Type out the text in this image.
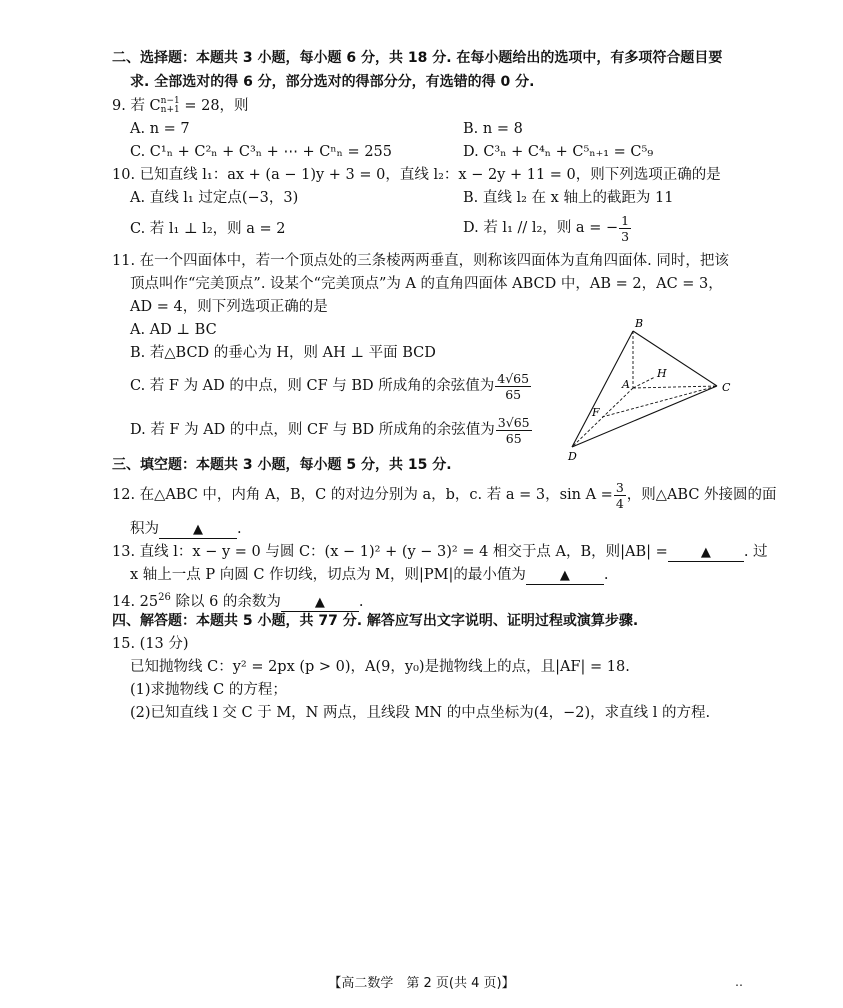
二、选择题：本题共 3 小题，每小题 6 分，共 18 分. 在每小题给出的选项中，有多项符合题目要
求. 全部选对的得 6 分，部分选对的得部分分，有选错的得 0 分.
9. 若 C n−1
n+1 = 28，则
A. n = 7	B. n = 8
C. C¹ₙ + C²ₙ + C³ₙ + ⋯ + Cⁿₙ = 255	D. C³ₙ + C⁴ₙ + C⁵ₙ₊₁ = C⁵₉
10. 已知直线 l₁：ax + (a − 1)y + 3 = 0，直线 l₂：x − 2y + 11 = 0，则下列选项正确的是
A. 直线 l₁ 过定点(−3，3)	B. 直线 l₂ 在 x 轴上的截距为 11
C. 若 l₁ ⊥ l₂，则 a = 2	D. 若 l₁ // l₂，则 a = − $\frac{1}{3}$
11. 在一个四面体中，若一个顶点处的三条棱两两垂直，则称该四面体为直角四面体. 同时，把该
顶点叫作“完美顶点”. 设某个“完美顶点”为 A 的直角四面体 ABCD 中，AB = 2，AC = 3，
AD = 4，则下列选项正确的是
A. AD ⊥ BC
B. 若△BCD 的垂心为 H，则 AH ⊥ 平面 BCD
C. 若 F 为 AD 的中点，则 CF 与 BD 所成角的余弦值为 $\frac{4√65}{65}$
D. 若 F 为 AD 的中点，则 CF 与 BD 所成角的余弦值为 $\frac{3√65}{65}$
B
A
H
C
F
D
三、填空题：本题共 3 小题，每小题 5 分，共 15 分.
12. 在△ABC 中，内角 A，B，C 的对边分别为 a，b，c. 若 a = 3，$\sin A = \frac{3}{4}$ ，则△ABC 外接圆的面
积为	▲ .
13. 直线 l：x − y = 0 与圆 C：(x − 1)² + (y − 3)² = 4 相交于点 A，B，则|AB| =	▲ . 过
x 轴上一点 P 向圆 C 作切线，切点为 M，则|PM|的最小值为	▲ .
14. $25^{26}$ 除以 6 的余数为	▲ .
四、解答题：本题共 5 小题，共 77 分. 解答应写出文字说明、证明过程或演算步骤.
15. (13 分)
已知抛物线 C：y² = 2px (p > 0)，A(9，y₀)是抛物线上的点，且|AF| = 18.
(1)求抛物线 C 的方程；
(2)已知直线 l 交 C 于 M，N 两点，且线段 MN 的中点坐标为(4，−2)，求直线 l 的方程.
【高二数学　第 2 页(共 4 页)】	‥
